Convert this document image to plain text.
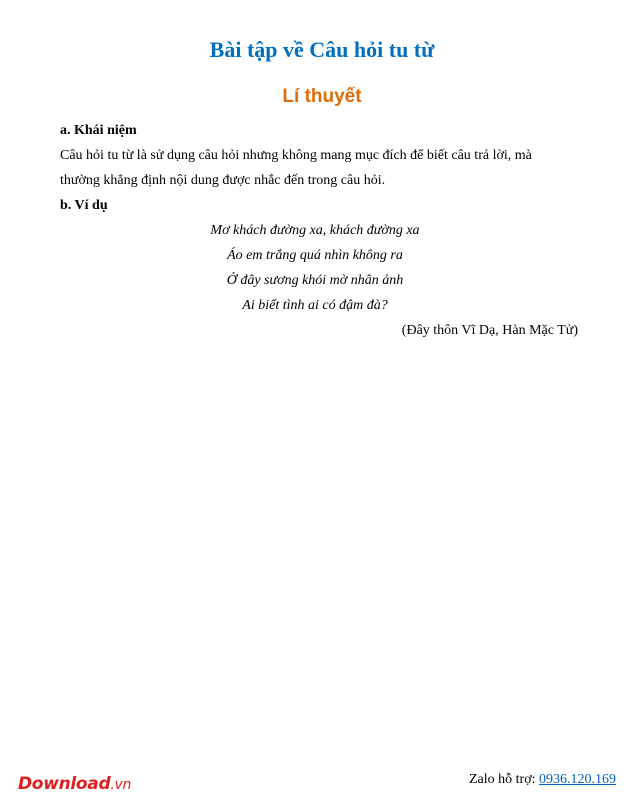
Bài tập về Câu hỏi tu từ
Lí thuyết
a. Khái niệm
Câu hỏi tu từ là sử dụng câu hỏi nhưng không mang mục đích để biết câu trả lời, mà
thường khẳng định nội dung được nhắc đến trong câu hỏi.
b. Ví dụ
Mơ khách đường xa, khách đường xa
Áo em trắng quá nhìn không ra
Ở đây sương khói mờ nhân ảnh
Ai biết tình ai có đậm đà?
(Đây thôn Vĩ Dạ, Hàn Mặc Tử)
Download.vn	Zalo hỗ trợ: 0936.120.169
